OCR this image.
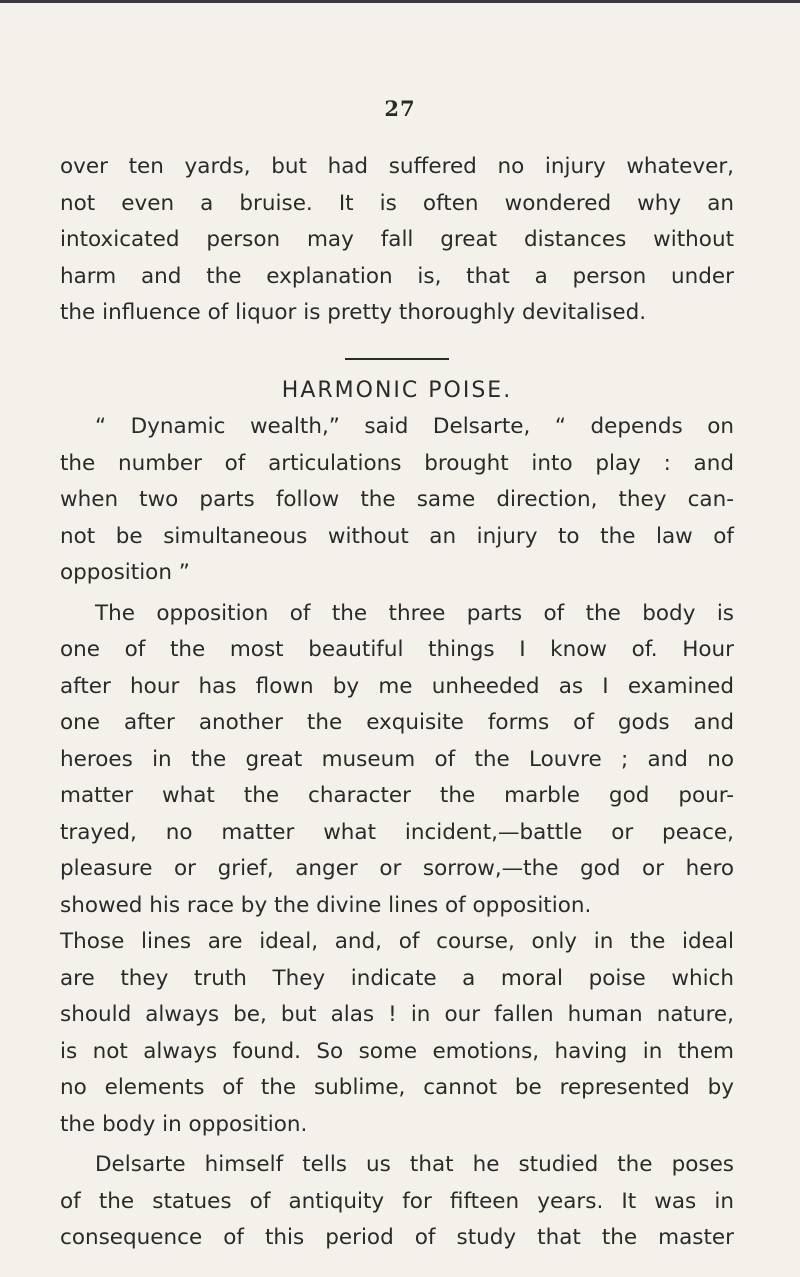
27
over ten yards, but had suffered no injury whatever,
not even a bruise. It is often wondered why an
intoxicated person may fall great distances without
harm and the explanation is, that a person under
the influence of liquor is pretty thoroughly devitalised.
HARMONIC POISE.
“ Dynamic wealth,” said Delsarte, “ depends on
the number of articulations brought into play : and
when two parts follow the same direction, they can-
not be simultaneous without an injury to the law of
opposition ”
The opposition of the three parts of the body is
one of the most beautiful things I know of. Hour
after hour has flown by me unheeded as I examined
one after another the exquisite forms of gods and
heroes in the great museum of the Louvre ; and no
matter what the character the marble god pour-
trayed, no matter what incident,—battle or peace,
pleasure or grief, anger or sorrow,—the god or hero
showed his race by the divine lines of opposition.
Those lines are ideal, and, of course, only in the ideal
are they truth They indicate a moral poise which
should always be, but alas ! in our fallen human nature,
is not always found. So some emotions, having in them
no elements of the sublime, cannot be represented by
the body in opposition.
Delsarte himself tells us that he studied the poses
of the statues of antiquity for fifteen years. It was in
consequence of this period of study that the master
